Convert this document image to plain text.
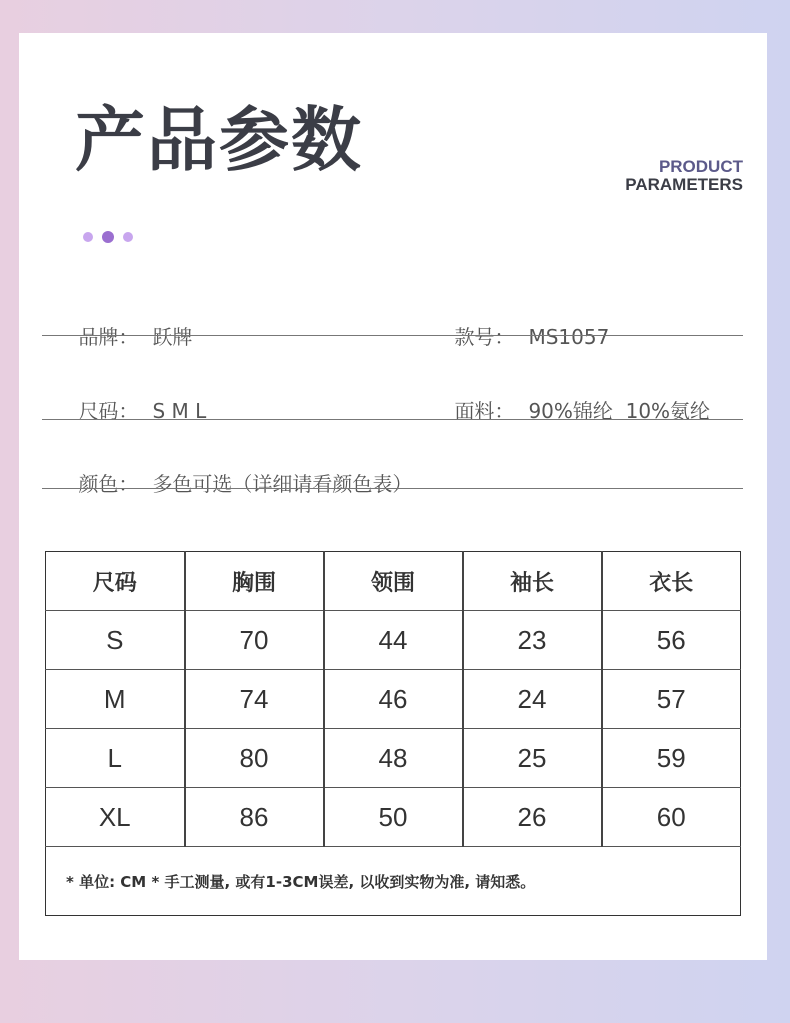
产品参数	PRODUCT
PARAMETERS

品牌： 跃牌
	款号： MS1057

尺码： S M L
	面料： 90%锦纶  10%氨纶

颜色： 多色可选（详细请看颜色表）

尺码	胸围	领围	袖长	衣长
S	70	44	23	56
M	74	46	24	57
L	80	48	25	59
XL	86	50	26	60
* 单位: CM * 手工测量, 或有1-3CM误差, 以收到实物为准, 请知悉。				
